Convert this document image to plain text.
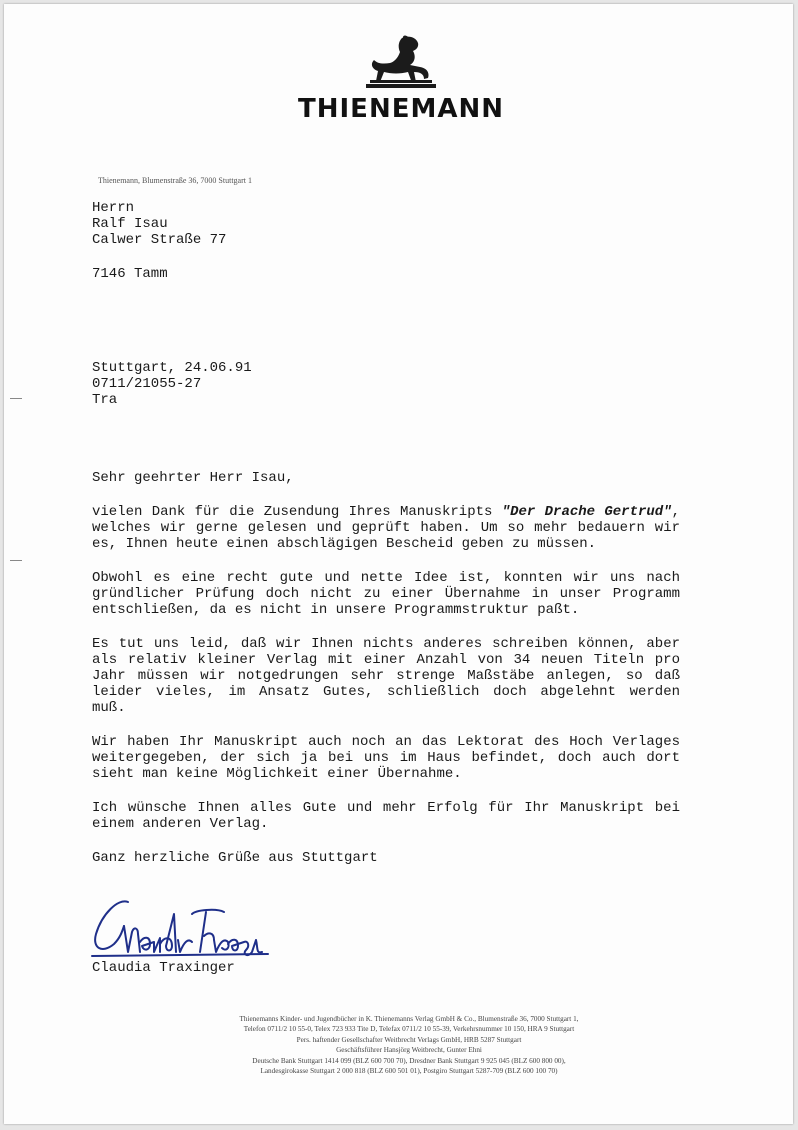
THIENEMANN
Thienemann, Blumenstraße 36, 7000 Stuttgart 1
Herrn
Ralf Isau
Calwer Straße 77
7146 Tamm
Stuttgart, 24.06.91
0711/21055-27
Tra

Sehr geehrter Herr Isau,

vielen Dank für die Zusendung Ihres Manuskripts "Der Drache Gertrud", welches wir gerne gelesen und geprüft haben. Um so mehr bedauern wir es, Ihnen heute einen abschlägigen Bescheid geben zu müssen.

Obwohl es eine recht gute und nette Idee ist, konnten wir uns nach gründlicher Prüfung doch nicht zu einer Übernahme in unser Programm entschließen, da es nicht in unsere Programmstruktur paßt.

Es tut uns leid, daß wir Ihnen nichts anderes schreiben können, aber als relativ kleiner Verlag mit einer Anzahl von 34 neuen Titeln pro Jahr müssen wir notgedrungen sehr strenge Maßstäbe anlegen, so daß leider vieles, im Ansatz Gutes, schließlich doch abgelehnt werden muß.

Wir haben Ihr Manuskript auch noch an das Lektorat des Hoch Verlages weitergegeben, der sich ja bei uns im Haus befindet, doch auch dort sieht man keine Möglichkeit einer Übernahme.

Ich wünsche Ihnen alles Gute und mehr Erfolg für Ihr Manuskript bei einem anderen Verlag.

Ganz herzliche Grüße aus Stuttgart

Claudia Traxinger
Thienemanns Kinder- und Jugendbücher in K. Thienemanns Verlag GmbH & Co., Blumenstraße 36, 7000 Stuttgart 1,
Telefon 0711/2 10 55-0, Telex 723 933 Tite D, Telefax 0711/2 10 55-39, Verkehrsnummer 10 150, HRA 9 Stuttgart
Pers. haftender Gesellschafter Weitbrecht Verlags GmbH, HRB 5287 Stuttgart
Geschäftsführer Hansjörg Weitbrecht, Gunter Ehni
Deutsche Bank Stuttgart 1414 099 (BLZ 600 700 70), Dresdner Bank Stuttgart 9 925 045 (BLZ 600 800 00),
Landesgirokasse Stuttgart 2 000 818 (BLZ 600 501 01), Postgiro Stuttgart 5287-709 (BLZ 600 100 70)
